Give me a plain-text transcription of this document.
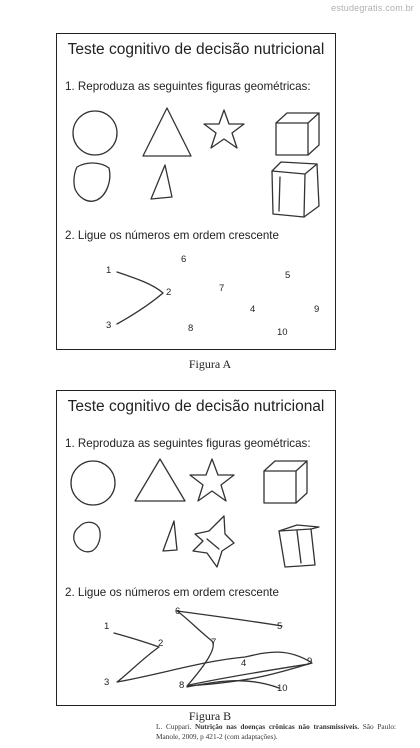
estudegratis.com.br
Teste cognitivo de decisão nutricional
1. Reproduza as seguintes figuras geométricas:
2. Ligue os números em ordem crescente
1
2
3
4
5
6
7
8
9
10
Figura A
Teste cognitivo de decisão nutricional
1. Reproduza as seguintes figuras geométricas:
2. Ligue os números em ordem crescente
1
2
3
4
5
6
7
8
9
10
Figura B
L. Cuppari. Nutrição nas doenças crônicas não transmissíveis. São Paulo: Manole, 2009, p 421-2 (com adaptações).
